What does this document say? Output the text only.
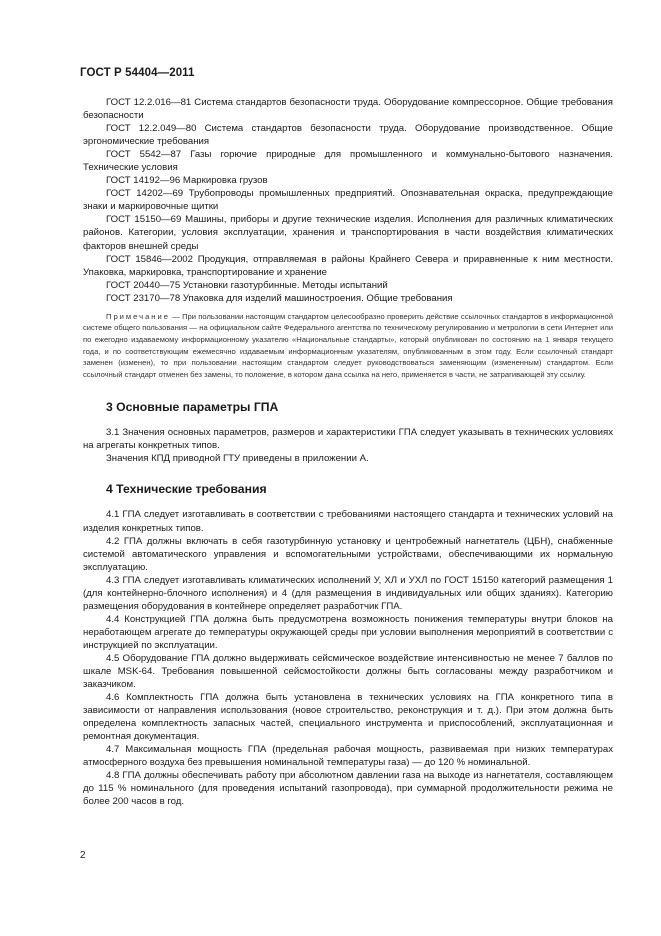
ГОСТ Р 54404—2011

ГОСТ 12.2.016—81 Система стандартов безопасности труда. Оборудование компрессорное. Общие требования безопасности

ГОСТ 12.2.049—80 Система стандартов безопасности труда. Оборудование производственное. Общие эргономические требования

ГОСТ 5542—87 Газы горючие природные для промышленного и коммунально-бытового назначения. Технические условия

ГОСТ 14192—96 Маркировка грузов

ГОСТ 14202—69 Трубопроводы промышленных предприятий. Опознавательная окраска, предупреждающие знаки и маркировочные щитки

ГОСТ 15150—69 Машины, приборы и другие технические изделия. Исполнения для различных климатических районов. Категории, условия эксплуатации, хранения и транспортирования в части воздействия климатических факторов внешней среды

ГОСТ 15846—2002 Продукция, отправляемая в районы Крайнего Севера и приравненные к ним местности. Упаковка, маркировка, транспортирование и хранение

ГОСТ 20440—75 Установки газотурбинные. Методы испытаний

ГОСТ 23170—78 Упаковка для изделий машиностроения. Общие требования

Примечание — При пользовании настоящим стандартом целесообразно проверить действие ссылочных стандартов в информационной системе общего пользования — на официальном сайте Федерального агентства по техническому регулированию и метрологии в сети Интернет или по ежегодно издаваемому информационному указателю «Национальные стандарты», который опубликован по состоянию на 1 января текущего года, и по соответствующим ежемесячно издаваемым информационным указателям, опубликованным в этом году. Если ссылочный стандарт заменен (изменен), то при пользовании настоящим стандартом следует руководствоваться заменяющим (измененным) стандартом. Если ссылочный стандарт отменен без замены, то положение, в котором дана ссылка на него, применяется в части, не затрагивающей эту ссылку.

3 Основные параметры ГПА

3.1 Значения основных параметров, размеров и характеристики ГПА следует указывать в технических условиях на агрегаты конкретных типов.

Значения КПД приводной ГТУ приведены в приложении А.

4 Технические требования

4.1 ГПА следует изготавливать в соответствии с требованиями настоящего стандарта и технических условий на изделия конкретных типов.

4.2 ГПА должны включать в себя газотурбинную установку и центробежный нагнетатель (ЦБН), снабженные системой автоматического управления и вспомогательными устройствами, обеспечивающими их нормальную эксплуатацию.

4.3 ГПА следует изготавливать климатических исполнений У, ХЛ и УХЛ по ГОСТ 15150 категорий размещения 1 (для контейнерно-блочного исполнения) и 4 (для размещения в индивидуальных или общих зданиях). Категорию размещения оборудования в контейнере определяет разработчик ГПА.

4.4 Конструкцией ГПА должна быть предусмотрена возможность понижения температуры внутри блоков на неработающем агрегате до температуры окружающей среды при условии выполнения мероприятий в соответствии с инструкцией по эксплуатации.

4.5 Оборудование ГПА должно выдерживать сейсмическое воздействие интенсивностью не менее 7 баллов по шкале MSK-64. Требования повышенной сейсмостойкости должны быть согласованы между разработчиком и заказчиком.

4.6 Комплектность ГПА должна быть установлена в технических условиях на ГПА конкретного типа в зависимости от направления использования (новое строительство, реконструкция и т. д.). При этом должна быть определена комплектность запасных частей, специального инструмента и приспособлений, эксплуатационная и ремонтная документация.

4.7 Максимальная мощность ГПА (предельная рабочая мощность, развиваемая при низких температурах атмосферного воздуха без превышения номинальной температуры газа) — до 120 % номинальной.

4.8 ГПА должны обеспечивать работу при абсолютном давлении газа на выходе из нагнетателя, составляющем до 115 % номинального (для проведения испытаний газопровода), при суммарной продолжительности режима не более 200 часов в год.

2
